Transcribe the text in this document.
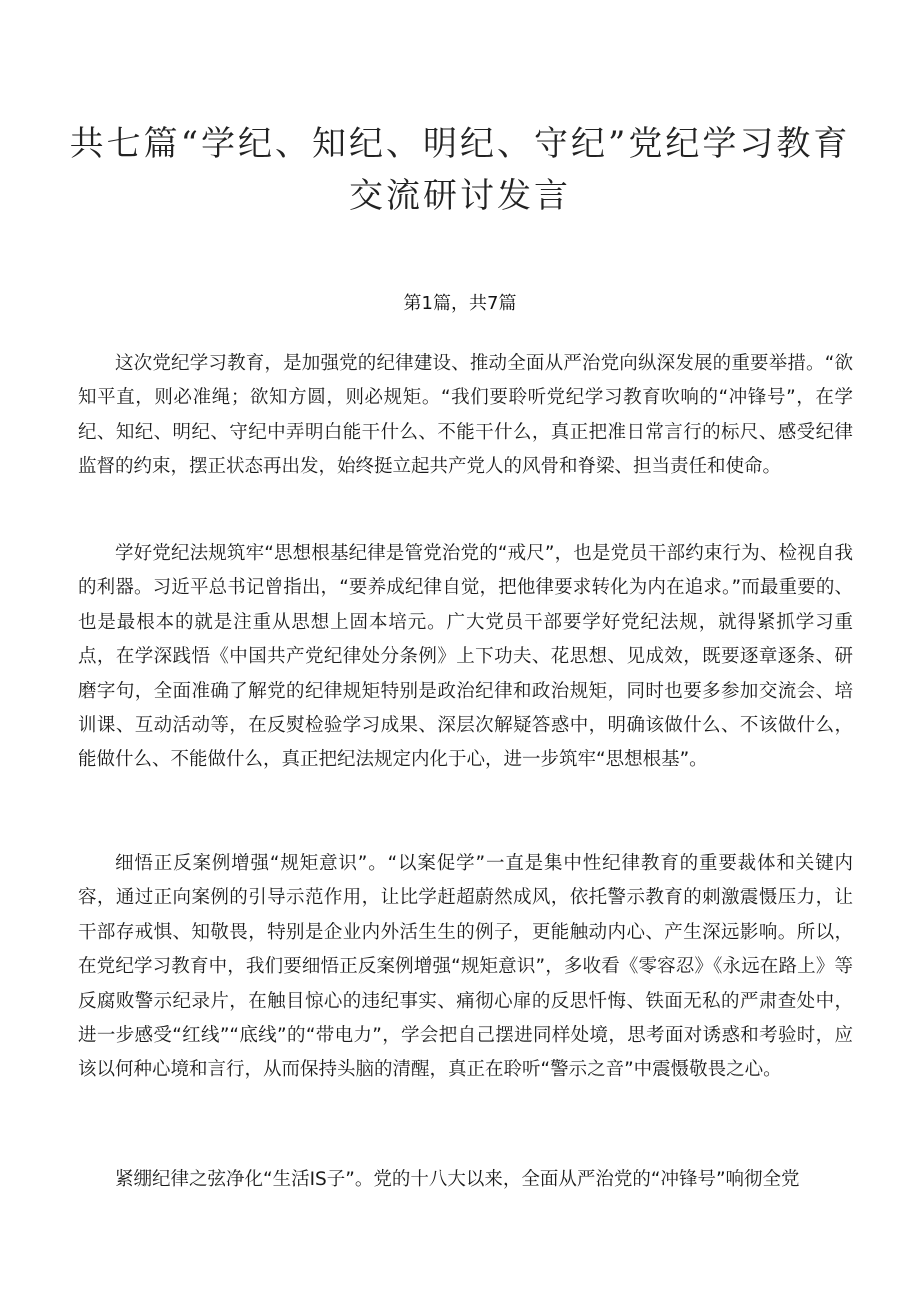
共七篇“学纪、知纪、明纪、守纪”党纪学习教育
交流研讨发言
第1篇，共7篇

这次党纪学习教育，是加强党的纪律建设、推动全面从严治党向纵深发展的重要举措。“欲知平直，则必准绳；欲知方圆，则必规矩。“我们要聆听党纪学习教育吹响的“冲锋号”，在学纪、知纪、明纪、守纪中弄明白能干什么、不能干什么，真正把准日常言行的标尺、感受纪律监督的约束，摆正状态再出发，始终挺立起共产党人的风骨和脊梁、担当责任和使命。

学好党纪法规筑牢“思想根基纪律是管党治党的“戒尺”，也是党员干部约束行为、检视自我的利器。习近平总书记曾指出，“要养成纪律自觉，把他律要求转化为内在追求。”而最重要的、也是最根本的就是注重从思想上固本培元。广大党员干部要学好党纪法规，就得紧抓学习重点，在学深践悟《中国共产党纪律处分条例》上下功夫、花思想、见成效，既要逐章逐条、研磨字句，全面准确了解党的纪律规矩特别是政治纪律和政治规矩，同时也要多参加交流会、培训课、互动活动等，在反熨检验学习成果、深层次解疑答惑中，明确该做什么、不该做什么，能做什么、不能做什么，真正把纪法规定内化于心，进一步筑牢“思想根基”。

细悟正反案例增强“规矩意识”。“以案促学”一直是集中性纪律教育的重要裁体和关键内容，通过正向案例的引导示范作用，让比学赶超蔚然成风，依托警示教育的刺激震慑压力，让干部存戒惧、知敬畏，特别是企业内外活生生的例子，更能触动内心、产生深远影响。所以，在党纪学习教育中，我们要细悟正反案例增强“规矩意识”，多收看《零容忍》《永远在路上》等反腐败警示纪录片，在触目惊心的违纪事实、痛彻心扉的反思忏悔、铁面无私的严肃查处中，进一步感受“红线”“底线”的“带电力”，学会把自己摆进同样处境，思考面对诱惑和考验时，应该以何种心境和言行，从而保持头脑的清醒，真正在聆听“警示之音”中震慑敬畏之心。

紧绷纪律之弦净化“生活IS子”。党的十八大以来，全面从严治党的“冲锋号”响彻全党
